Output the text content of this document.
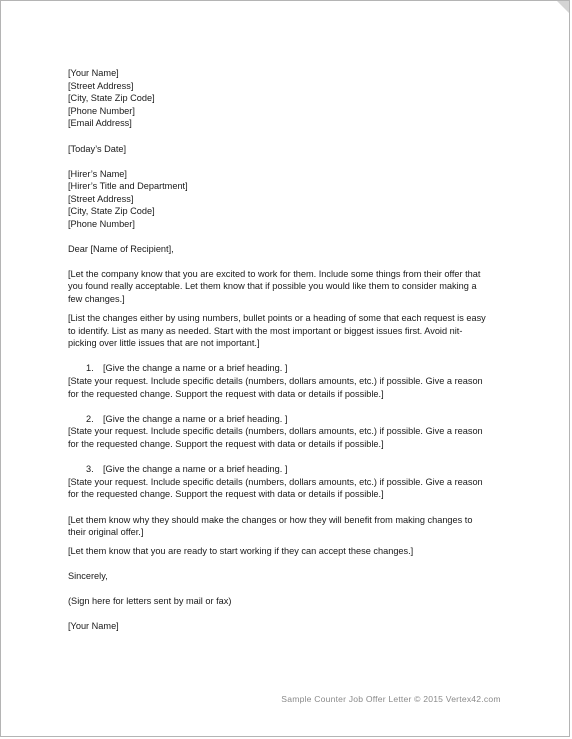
[Your Name]

[Street Address]

[City, State Zip Code]

[Phone Number]

[Email Address]

[Today’s Date]

[Hirer’s Name]

[Hirer’s Title and Department]

[Street Address]

[City, State Zip Code]

[Phone Number]

Dear [Name of Recipient],

[Let the company know that you are excited to work for them. Include some things from their offer that

you found really acceptable. Let them know that if possible you would like them to consider making a

few changes.]

[List the changes either by using numbers, bullet points or a heading of some that each request is easy

to identify. List as many as needed. Start with the most important or biggest issues first. Avoid nit-

picking over little issues that are not important.]

1. [Give the change a name or a brief heading. ]

[State your request. Include specific details (numbers, dollars amounts, etc.) if possible. Give a reason

for the requested change. Support the request with data or details if possible.]

2. [Give the change a name or a brief heading. ]

[State your request. Include specific details (numbers, dollars amounts, etc.) if possible. Give a reason

for the requested change. Support the request with data or details if possible.]

3. [Give the change a name or a brief heading. ]

[State your request. Include specific details (numbers, dollars amounts, etc.) if possible. Give a reason

for the requested change. Support the request with data or details if possible.]

[Let them know why they should make the changes or how they will benefit from making changes to

their original offer.]

[Let them know that you are ready to start working if they can accept these changes.]

Sincerely,

(Sign here for letters sent by mail or fax)

[Your Name]

Sample Counter Job Offer Letter © 2015 Vertex42.com
